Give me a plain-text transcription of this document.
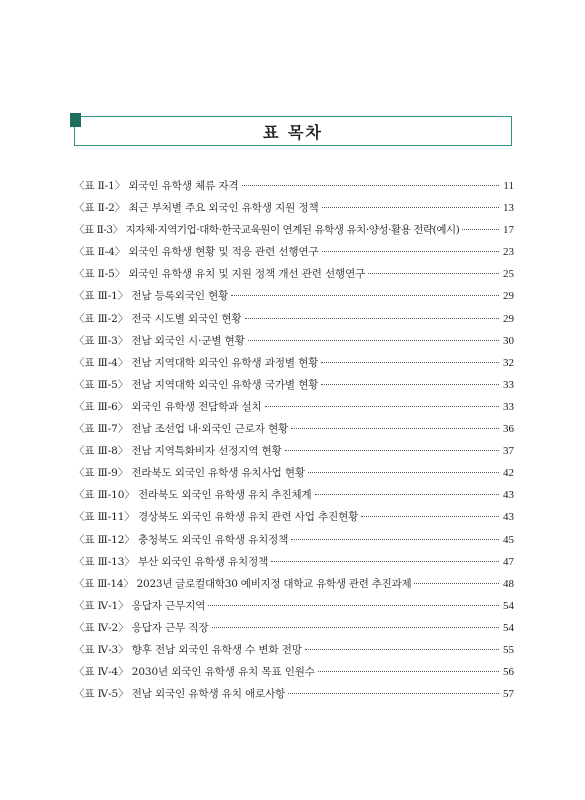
표 목차
〈표 Ⅱ-1〉 외국인 유학생 체류 자격	11
〈표 Ⅱ-2〉 최근 부처별 주요 외국인 유학생 지원 정책	13
〈표 Ⅱ-3〉 지자체·지역기업·대학·한국교육원이 연계된 유학생 유치·양성·활용 전략(예시)	17
〈표 Ⅱ-4〉 외국인 유학생 현황 및 적응 관련 선행연구	23
〈표 Ⅱ-5〉 외국인 유학생 유치 및 지원 정책 개선 관련 선행연구	25
〈표 Ⅲ-1〉 전남 등록외국인 현황	29
〈표 Ⅲ-2〉 전국 시도별 외국인 현황	29
〈표 Ⅲ-3〉 전남 외국인 시·군별 현황	30
〈표 Ⅲ-4〉 전남 지역대학 외국인 유학생 과정별 현황	32
〈표 Ⅲ-5〉 전남 지역대학 외국인 유학생 국가별 현황	33
〈표 Ⅲ-6〉 외국인 유학생 전담학과 설치	33
〈표 Ⅲ-7〉 전남 조선업 내·외국인 근로자 현황	36
〈표 Ⅲ-8〉 전남 지역특화비자 선정지역 현황	37
〈표 Ⅲ-9〉 전라북도 외국인 유학생 유치사업 현황	42
〈표 Ⅲ-10〉 전라북도 외국인 유학생 유치 추진체계	43
〈표 Ⅲ-11〉 경상북도 외국인 유학생 유치 관련 사업 추진현황	43
〈표 Ⅲ-12〉 충청북도 외국인 유학생 유치정책	45
〈표 Ⅲ-13〉 부산 외국인 유학생 유치정책	47
〈표 Ⅲ-14〉 2023년 글로컬대학30 예비지정 대학교 유학생 관련 추진과제	48
〈표 Ⅳ-1〉 응답자 근무지역	54
〈표 Ⅳ-2〉 응답자 근무 직장	54
〈표 Ⅳ-3〉 향후 전남 외국인 유학생 수 변화 전망	55
〈표 Ⅳ-4〉 2030년 외국인 유학생 유치 목표 인원수	56
〈표 Ⅳ-5〉 전남 외국인 유학생 유치 애로사항	57
